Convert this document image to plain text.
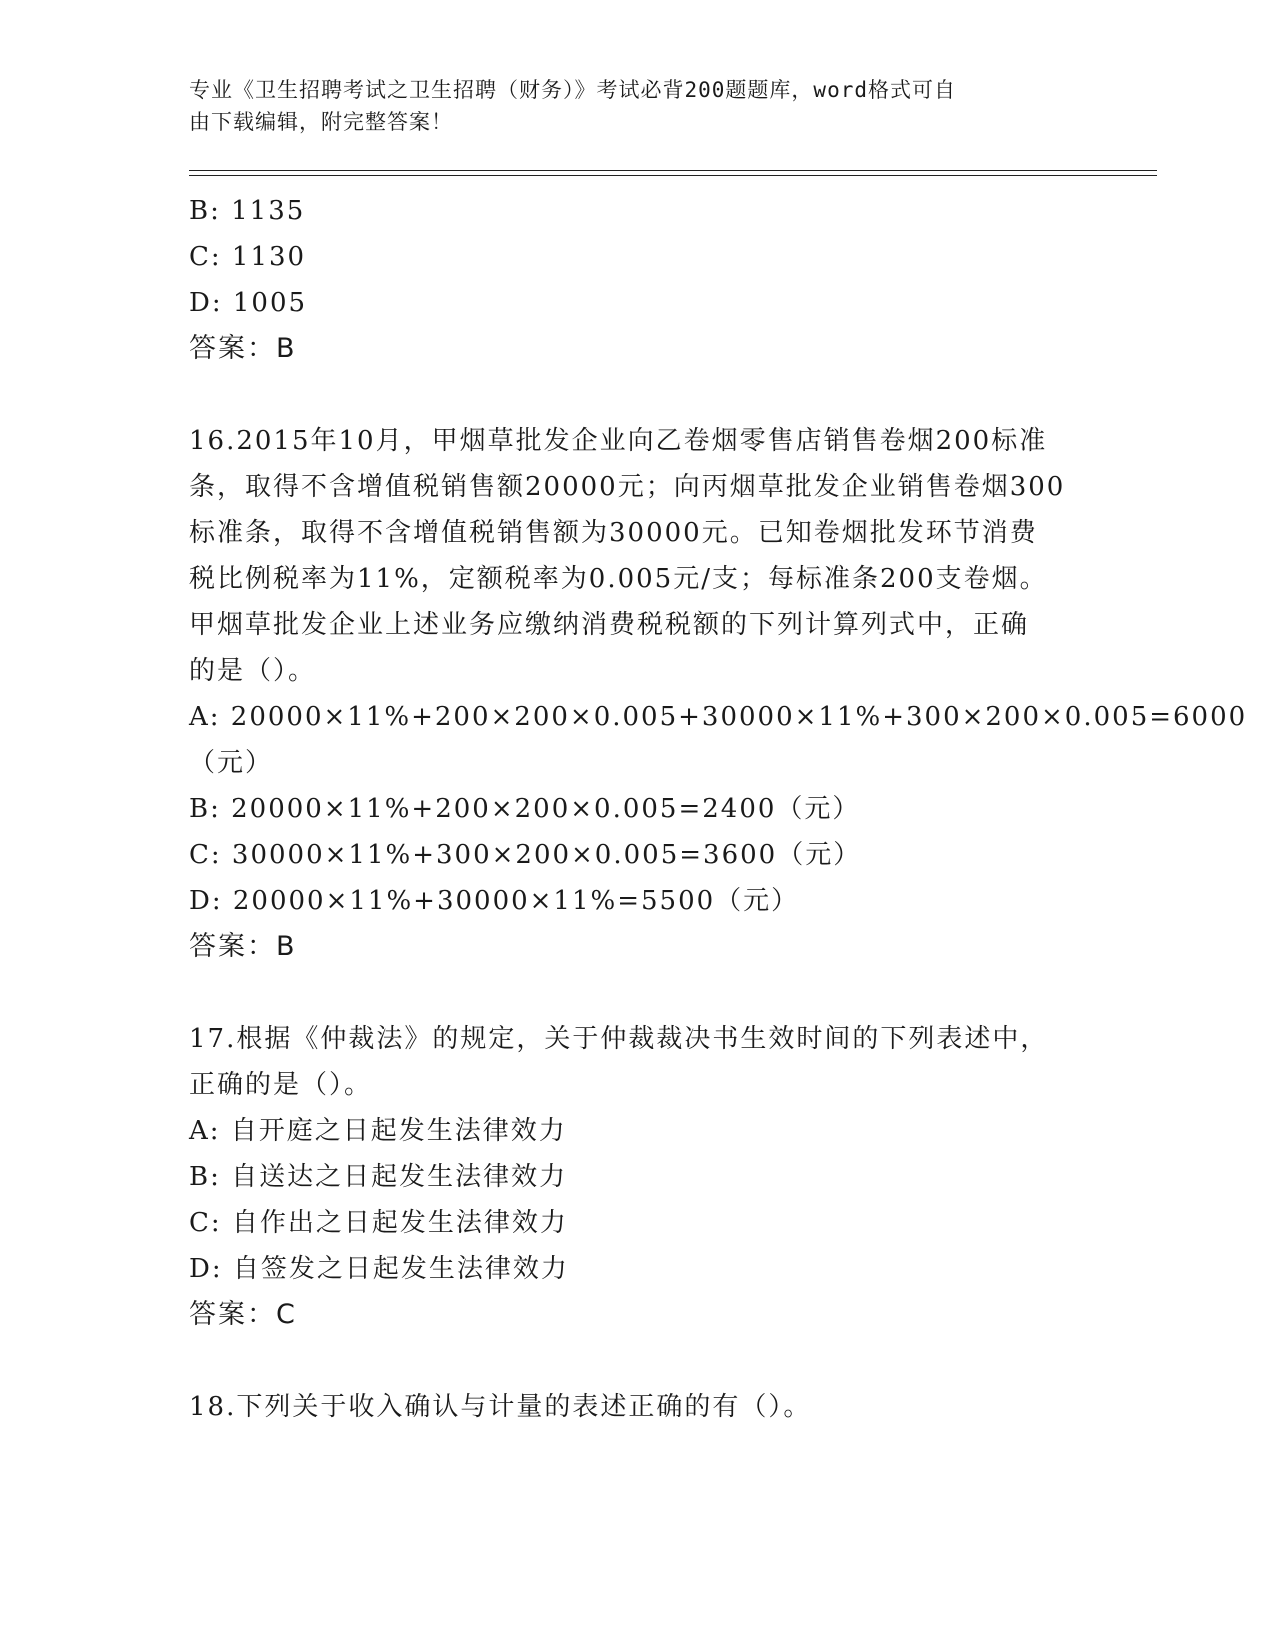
专业《卫生招聘考试之卫生招聘（财务）》考试必背200题题库，word格式可自
由下载编辑，附完整答案！
B: 1135
C: 1130
D: 1005
答案：B
16.2015年10月，甲烟草批发企业向乙卷烟零售店销售卷烟200标准
条，取得不含增值税销售额20000元；向丙烟草批发企业销售卷烟300
标准条，取得不含增值税销售额为30000元。已知卷烟批发环节消费
税比例税率为11%，定额税率为0.005元/支；每标准条200支卷烟。
甲烟草批发企业上述业务应缴纳消费税税额的下列计算列式中，正确
的是（）。
A: 20000×11%+200×200×0.005+30000×11%+300×200×0.005=6000
（元）
B: 20000×11%+200×200×0.005=2400（元）
C: 30000×11%+300×200×0.005=3600（元）
D: 20000×11%+30000×11%=5500（元）
答案：B
17.根据《仲裁法》的规定，关于仲裁裁决书生效时间的下列表述中，
正确的是（）。
A: 自开庭之日起发生法律效力
B: 自送达之日起发生法律效力
C: 自作出之日起发生法律效力
D: 自签发之日起发生法律效力
答案：C
18.下列关于收入确认与计量的表述正确的有（）。
